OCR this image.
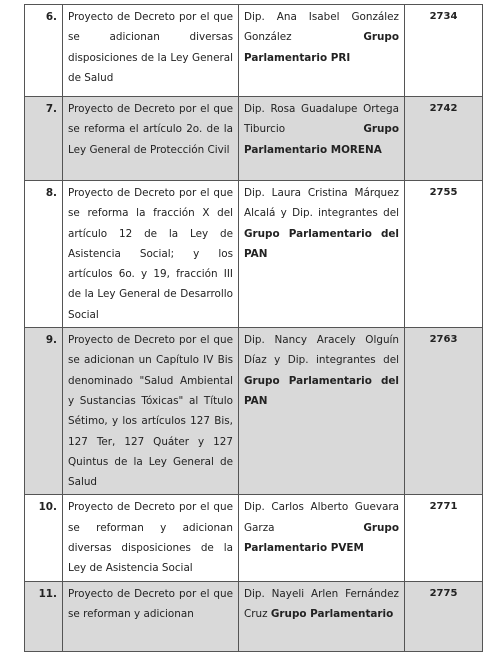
6.	Proyecto de Decreto por el que se adicionan diversas disposiciones de la Ley General de Salud	Dip. Ana Isabel González González Grupo Parlamentario PRI	2734
7.	Proyecto de Decreto por el que se reforma el artículo 2o. de la Ley General de Protección Civil	Dip. Rosa Guadalupe Ortega Tiburcio Grupo Parlamentario MORENA	2742
8.	Proyecto de Decreto por el que se reforma la fracción X del artículo 12 de la Ley de Asistencia Social; y los artículos 6o. y 19, fracción III de la Ley General de Desarrollo Social	Dip. Laura Cristina Márquez Alcalá y Dip. integrantes del Grupo Parlamentario del PAN	2755
9.	Proyecto de Decreto por el que se adicionan un Capítulo IV Bis denominado "Salud Ambiental y Sustancias Tóxicas" al Título Sétimo, y los artículos 127 Bis, 127 Ter, 127 Quáter y 127 Quintus de la Ley General de Salud	Dip. Nancy Aracely Olguín Díaz y Dip. integrantes del Grupo Parlamentario del PAN	2763
10.	Proyecto de Decreto por el que se reforman y adicionan diversas disposiciones de la Ley de Asistencia Social	Dip. Carlos Alberto Guevara Garza Grupo Parlamentario PVEM	2771
11.	Proyecto de Decreto por el que se reforman y adicionan	Dip. Nayeli Arlen Fernández Cruz Grupo Parlamentario	2775
